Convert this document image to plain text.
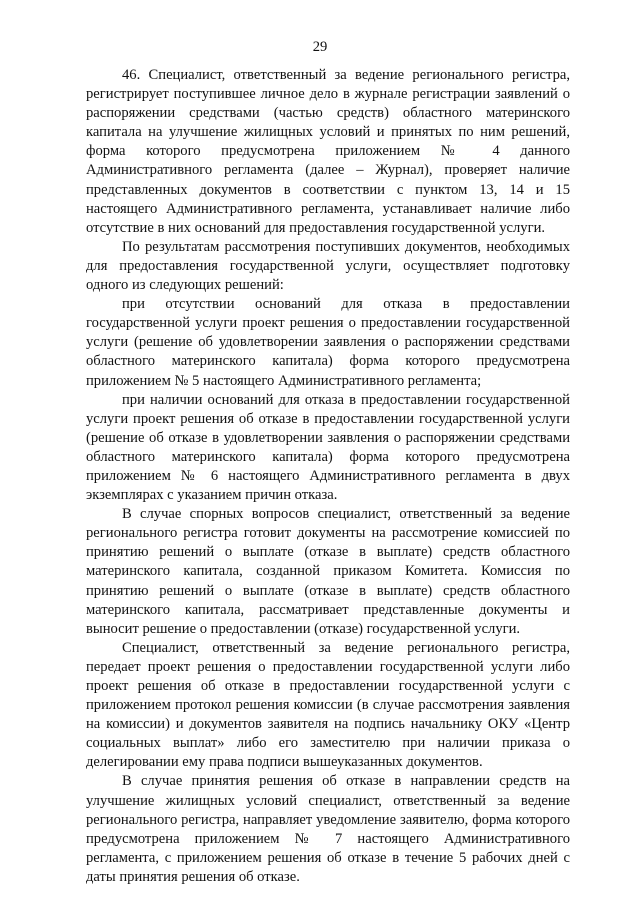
29

46. Специалист, ответственный за ведение регионального регистра, регистрирует поступившее личное дело в журнале регистрации заявлений о распоряжении средствами (частью средств) областного материнского капитала на улучшение жилищных условий и принятых по ним решений, форма которого предусмотрена приложением № 4 данного Административного регламента (далее – Журнал), проверяет наличие представленных документов в соответствии с пунктом 13, 14 и 15 настоящего Административного регламента, устанавливает наличие либо отсутствие в них оснований для предоставления государственной услуги.

По результатам рассмотрения поступивших документов, необходимых для предоставления государственной услуги, осуществляет подготовку одного из следующих решений:

при отсутствии оснований для отказа в предоставлении государственной услуги проект решения о предоставлении государственной услуги (решение об удовлетворении заявления о распоряжении средствами областного материнского капитала) форма которого предусмотрена приложением № 5 настоящего Административного регламента;

при наличии оснований для отказа в предоставлении государственной услуги проект решения об отказе в предоставлении государственной услуги (решение об отказе в удовлетворении заявления о распоряжении средствами областного материнского капитала) форма которого предусмотрена приложением № 6 настоящего Административного регламента в двух экземплярах с указанием причин отказа.

В случае спорных вопросов специалист, ответственный за ведение регионального регистра готовит документы на рассмотрение комиссией по принятию решений о выплате (отказе в выплате) средств областного материнского капитала, созданной приказом Комитета. Комиссия по принятию решений о выплате (отказе в выплате) средств областного материнского капитала, рассматривает представленные документы и выносит решение о предоставлении (отказе) государственной услуги.

Специалист, ответственный за ведение регионального регистра, передает проект решения о предоставлении государственной услуги либо проект решения об отказе в предоставлении государственной услуги с приложением протокол решения комиссии (в случае рассмотрения заявления на комиссии) и документов заявителя на подпись начальнику ОКУ «Центр социальных выплат» либо его заместителю при наличии приказа о делегировании ему права подписи вышеуказанных документов.

В случае принятия решения об отказе в направлении средств на улучшение жилищных условий специалист, ответственный за ведение регионального регистра, направляет уведомление заявителю, форма которого предусмотрена приложением № 7 настоящего Административного регламента, с приложением решения об отказе в течение 5 рабочих дней с даты принятия решения об отказе.
